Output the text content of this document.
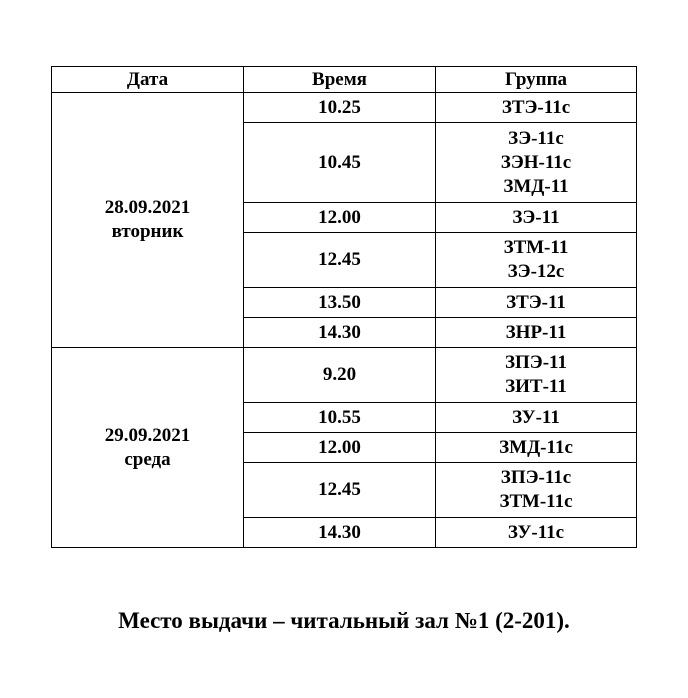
Дата	Время	Группа

28.09.2021
вторник	10.25	ЗТЭ-11с

	10.45	ЗЭ-11с
ЗЭН-11с
ЗМД-11

	12.00	ЗЭ-11

	12.45	ЗТМ-11
ЗЭ-12с

	13.50	ЗТЭ-11

	14.30	ЗНР-11

29.09.2021
среда	9.20	ЗПЭ-11
ЗИТ-11

	10.55	ЗУ-11

	12.00	ЗМД-11с

	12.45	ЗПЭ-11с
ЗТМ-11с

	14.30	ЗУ-11с
Место выдачи – читальный зал №1 (2-201).
